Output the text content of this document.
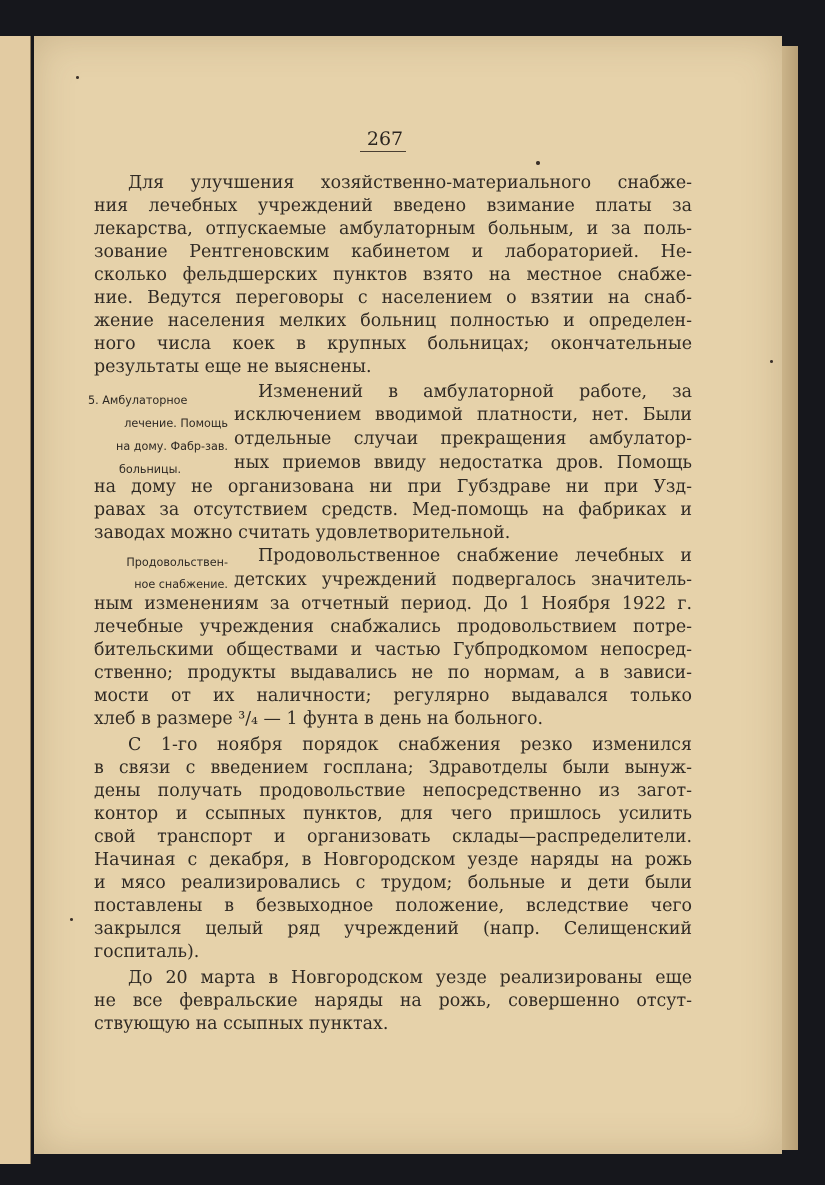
267
Для улучшения хозяйственно-материального снабже-
ния лечебных учреждений введено взимание платы за
лекарства, отпускаемые амбулаторным больным, и за поль-
зование Рентгеновским кабинетом и лабораторией. Не-
сколько фельдшерских пунктов взято на местное снабже-
ние. Ведутся переговоры с населением о взятии на снаб-
жение населения мелких больниц полностью и определен-
ного числа коек в крупных больницах; окончательные
результаты еще не выяснены.
5. Амбулаторное
лечение. Помощь
на дому. Фабр-зав.
больницы.
Изменений в амбулаторной работе, за
исключением вводимой платности, нет. Были
отдельные случаи прекращения амбулатор-
ных приемов ввиду недостатка дров. Помощь
на дому не организована ни при Губздраве ни при Узд-
равах за отсутствием средств. Мед-помощь на фабриках и
заводах можно считать удовлетворительной.
Продовольствен-
ное снабжение.
Продовольственное снабжение лечебных и
детских учреждений подвергалось значитель-
ным изменениям за отчетный период. До 1 Ноября 1922 г.
лечебные учреждения снабжались продовольствием потре-
бительскими обществами и частью Губпродкомом непосред-
ственно; продукты выдавались не по нормам, а в зависи-
мости от их наличности; регулярно выдавался только
хлеб в размере ³/₄ — 1 фунта в день на больного.
С 1-го ноября порядок снабжения резко изменился
в связи с введением госплана; Здравотделы были вынуж-
дены получать продовольствие непосредственно из загот-
контор и ссыпных пунктов, для чего пришлось усилить
свой транспорт и организовать склады—распределители.
Начиная с декабря, в Новгородском уезде наряды на рожь
и мясо реализировались с трудом; больные и дети были
поставлены в безвыходное положение, вследствие чего
закрылся целый ряд учреждений (напр. Селищенский
госпиталь).
До 20 марта в Новгородском уезде реализированы еще
не все февральские наряды на рожь, совершенно отсут-
ствующую на ссыпных пунктах.
